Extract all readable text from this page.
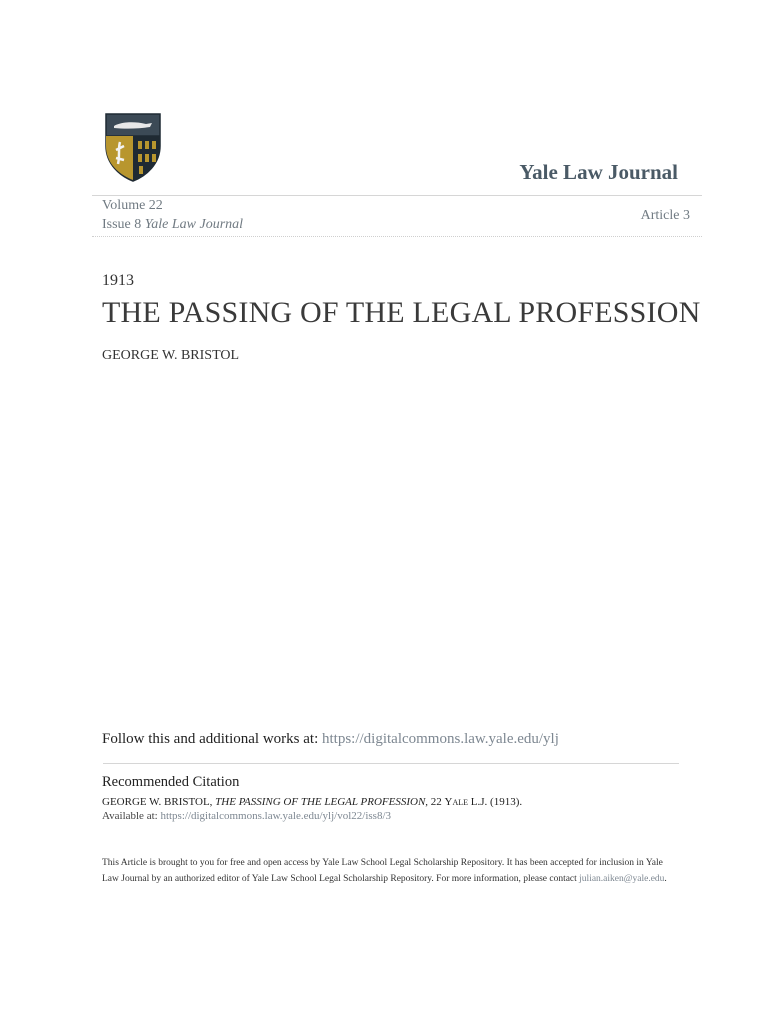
Yale Law Journal
Volume 22
Issue 8 Yale Law Journal
Article 3
1913
THE PASSING OF THE LEGAL PROFESSION
GEORGE W. BRISTOL
Follow this and additional works at: https://digitalcommons.law.yale.edu/ylj
Recommended Citation
GEORGE W. BRISTOL, THE PASSING OF THE LEGAL PROFESSION, 22 Yale L.J. (1913).
Available at: https://digitalcommons.law.yale.edu/ylj/vol22/iss8/3
This Article is brought to you for free and open access by Yale Law School Legal Scholarship Repository. It has been accepted for inclusion in Yale Law Journal by an authorized editor of Yale Law School Legal Scholarship Repository. For more information, please contact julian.aiken@yale.edu.
